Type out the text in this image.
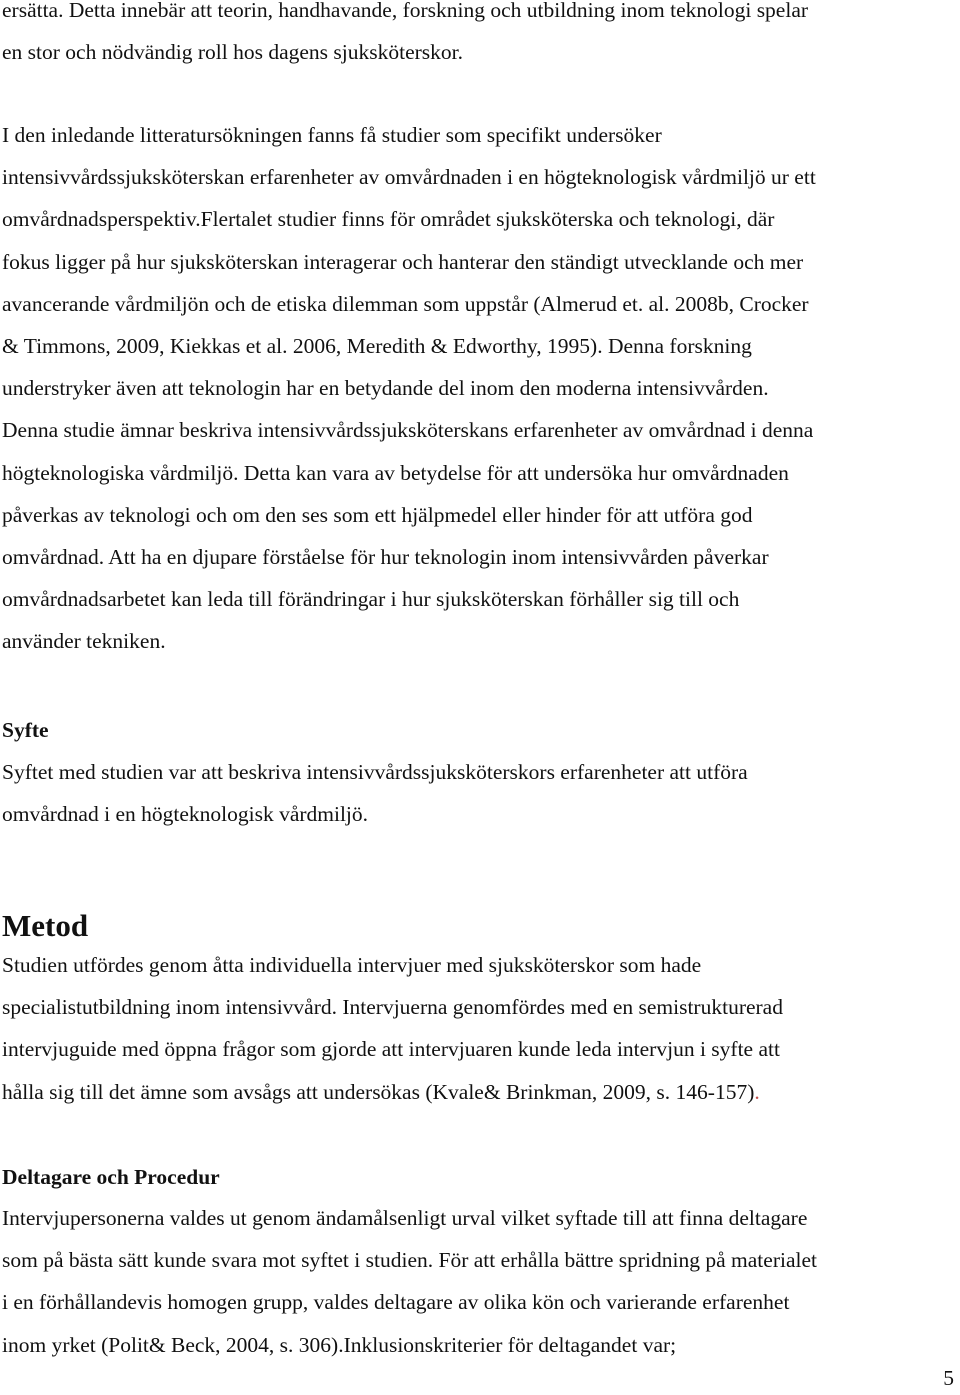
ersätta. Detta innebär att teorin, handhavande, forskning och utbildning inom teknologi spelar
en stor och nödvändig roll hos dagens sjuksköterskor.
I den inledande litteratursökningen fanns få studier som specifikt undersöker
intensivvårdssjuksköterskan erfarenheter av omvårdnaden i en högteknologisk vårdmiljö ur ett
omvårdnadsperspektiv.Flertalet studier finns för området sjuksköterska och teknologi, där
fokus ligger på hur sjuksköterskan interagerar och hanterar den ständigt utvecklande och mer
avancerande vårdmiljön och de etiska dilemman som uppstår (Almerud et. al. 2008b, Crocker
& Timmons, 2009, Kiekkas et al. 2006, Meredith & Edworthy, 1995). Denna forskning
understryker även att teknologin har en betydande del inom den moderna intensivvården.
Denna studie ämnar beskriva intensivvårdssjuksköterskans erfarenheter av omvårdnad i denna
högteknologiska vårdmiljö. Detta kan vara av betydelse för att undersöka hur omvårdnaden
påverkas av teknologi och om den ses som ett hjälpmedel eller hinder för att utföra god
omvårdnad. Att ha en djupare förståelse för hur teknologin inom intensivvården påverkar
omvårdnadsarbetet kan leda till förändringar i hur sjuksköterskan förhåller sig till och
använder tekniken.
Syfte
Syftet med studien var att beskriva intensivvårdssjuksköterskors erfarenheter att utföra
omvårdnad i en högteknologisk vårdmiljö.
Metod
Studien utfördes genom åtta individuella intervjuer med sjuksköterskor som hade
specialistutbildning inom intensivvård. Intervjuerna genomfördes med en semistrukturerad
intervjuguide med öppna frågor som gjorde att intervjuaren kunde leda intervjun i syfte att
hålla sig till det ämne som avsågs att undersökas (Kvale& Brinkman, 2009, s. 146-157).
Deltagare och Procedur
Intervjupersonerna valdes ut genom ändamålsenligt urval vilket syftade till att finna deltagare
som på bästa sätt kunde svara mot syftet i studien. För att erhålla bättre spridning på materialet
i en förhållandevis homogen grupp, valdes deltagare av olika kön och varierande erfarenhet
inom yrket (Polit& Beck, 2004, s. 306).Inklusionskriterier för deltagandet var;
5
